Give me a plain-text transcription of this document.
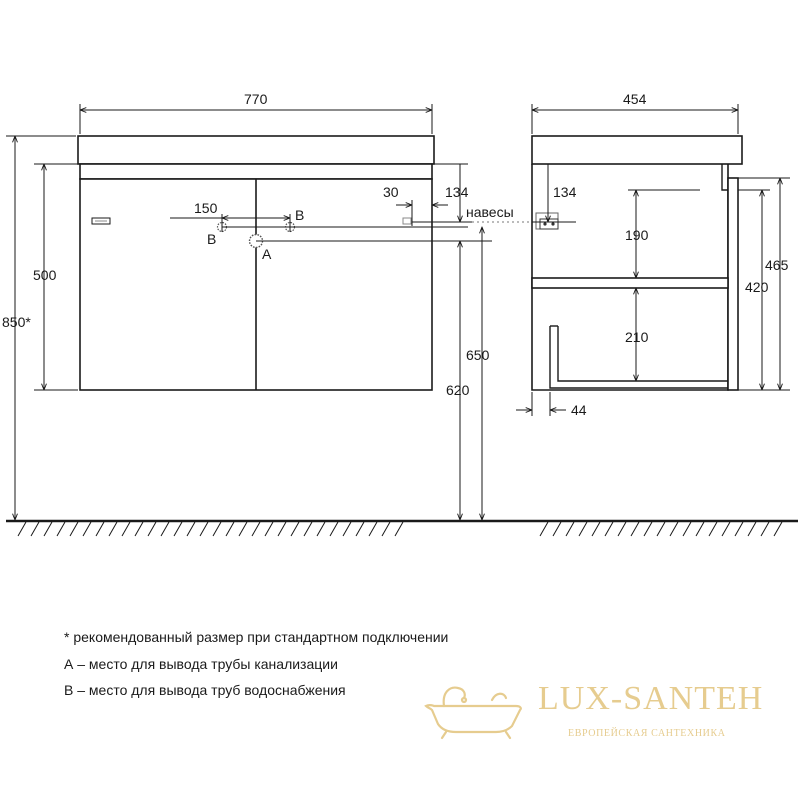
150
B
B
A
770
500
850*
134
30
навесы
650
620
454
134
190
210
465
420
44
* рекомендованный размер при стандартном подключении
А – место для вывода трубы канализации
В – место для вывода труб водоснабжения	LUX-SANTEH
ЕВРОПЕЙСКАЯ САНТЕХНИКА
